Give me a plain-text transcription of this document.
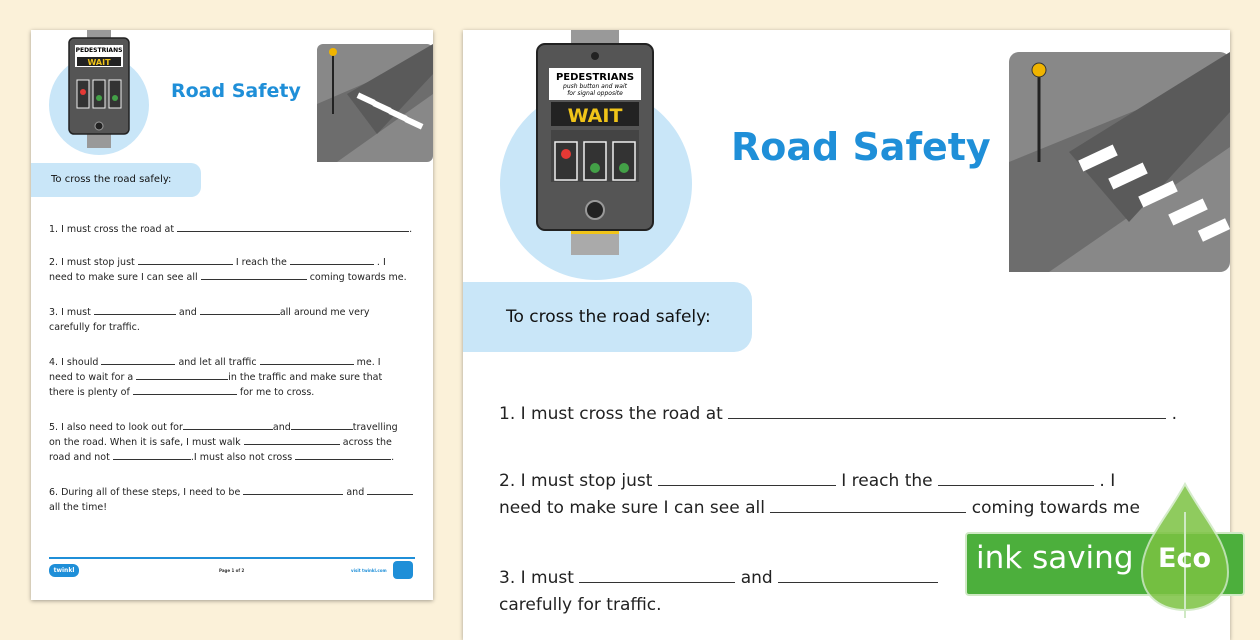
PEDESTRIANS
WAIT
Road Safety
To cross the road safely:
1. I must cross the road at	.
2. I must stop just	I reach the	. I
need to make sure I can see all	coming towards me.
3. I must	and	all around me very
carefully for traffic.
4. I should	and let all traffic	me. I
need to wait for a	in the traffic and make sure that
there is plenty of	for me to cross.
5. I also need to look out for	and	travelling
on the road. When it is safe, I must walk	across the
road and not	.I must also not cross	.
6. During all of these steps, I need to be	and
all the time!
twinkl	Page 1 of 2	visit twinkl.com
PEDESTRIANS
push button and wait
for signal opposite
WAIT
Road Safety
To cross the road safely:
1. I must cross the road at	.
2. I must stop just	I reach the	. I
need to make sure I can see all	coming towards me
3. I must	and
carefully for traffic.
ink saving Eco
